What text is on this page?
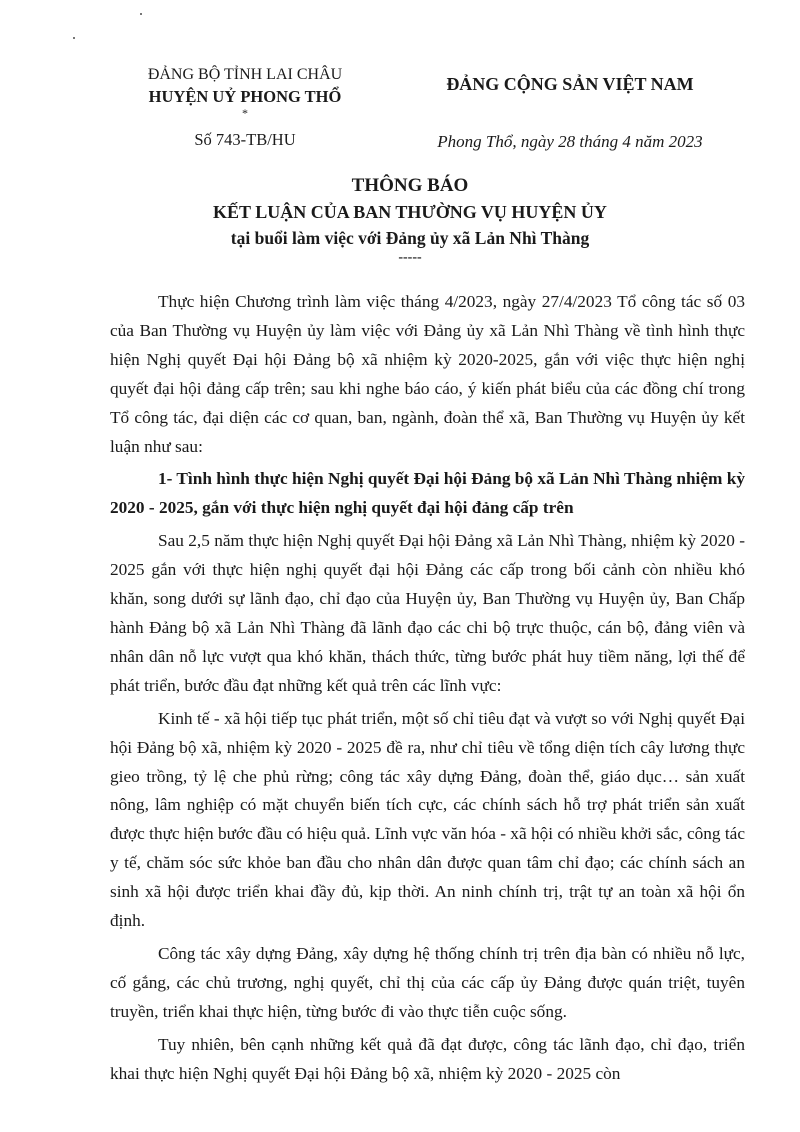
ĐẢNG BỘ TỈNH LAI CHÂU
HUYỆN UỶ PHONG THỔ
*
ĐẢNG CỘNG SẢN VIỆT NAM
Số 743-TB/HU	Phong Thổ, ngày 28 tháng 4 năm 2023
THÔNG BÁO
KẾT LUẬN CỦA BAN THƯỜNG VỤ HUYỆN ỦY
tại buổi làm việc với Đảng ủy xã Lản Nhì Thàng
-----

Thực hiện Chương trình làm việc tháng 4/2023, ngày 27/4/2023 Tổ công tác số 03 của Ban Thường vụ Huyện ủy làm việc với Đảng ủy xã Lản Nhì Thàng về tình hình thực hiện Nghị quyết Đại hội Đảng bộ xã nhiệm kỳ 2020-2025, gắn với việc thực hiện nghị quyết đại hội đảng cấp trên; sau khi nghe báo cáo, ý kiến phát biểu của các đồng chí trong Tổ công tác, đại diện các cơ quan, ban, ngành, đoàn thể xã, Ban Thường vụ Huyện ủy kết luận như sau:

1- Tình hình thực hiện Nghị quyết Đại hội Đảng bộ xã Lản Nhì Thàng nhiệm kỳ 2020 - 2025, gắn với thực hiện nghị quyết đại hội đảng cấp trên

Sau 2,5 năm thực hiện Nghị quyết Đại hội Đảng xã Lản Nhì Thàng, nhiệm kỳ 2020 - 2025 gắn với thực hiện nghị quyết đại hội Đảng các cấp trong bối cảnh còn nhiều khó khăn, song dưới sự lãnh đạo, chỉ đạo của Huyện ủy, Ban Thường vụ Huyện ủy, Ban Chấp hành Đảng bộ xã Lản Nhì Thàng đã lãnh đạo các chi bộ trực thuộc, cán bộ, đảng viên và nhân dân nỗ lực vượt qua khó khăn, thách thức, từng bước phát huy tiềm năng, lợi thế để phát triển, bước đầu đạt những kết quả trên các lĩnh vực:

Kinh tế - xã hội tiếp tục phát triển, một số chỉ tiêu đạt và vượt so với Nghị quyết Đại hội Đảng bộ xã, nhiệm kỳ 2020 - 2025 đề ra, như chỉ tiêu về tổng diện tích cây lương thực gieo trồng, tỷ lệ che phủ rừng; công tác xây dựng Đảng, đoàn thể, giáo dục… sản xuất nông, lâm nghiệp có mặt chuyển biến tích cực, các chính sách hỗ trợ phát triển sản xuất được thực hiện bước đầu có hiệu quả. Lĩnh vực văn hóa - xã hội có nhiều khởi sắc, công tác y tế, chăm sóc sức khỏe ban đầu cho nhân dân được quan tâm chỉ đạo; các chính sách an sinh xã hội được triển khai đầy đủ, kịp thời. An ninh chính trị, trật tự an toàn xã hội ổn định.

Công tác xây dựng Đảng, xây dựng hệ thống chính trị trên địa bàn có nhiều nỗ lực, cố gắng, các chủ trương, nghị quyết, chỉ thị của các cấp ủy Đảng được quán triệt, tuyên truyền, triển khai thực hiện, từng bước đi vào thực tiễn cuộc sống.

Tuy nhiên, bên cạnh những kết quả đã đạt được, công tác lãnh đạo, chỉ đạo, triển khai thực hiện Nghị quyết Đại hội Đảng bộ xã, nhiệm kỳ 2020 - 2025 còn
